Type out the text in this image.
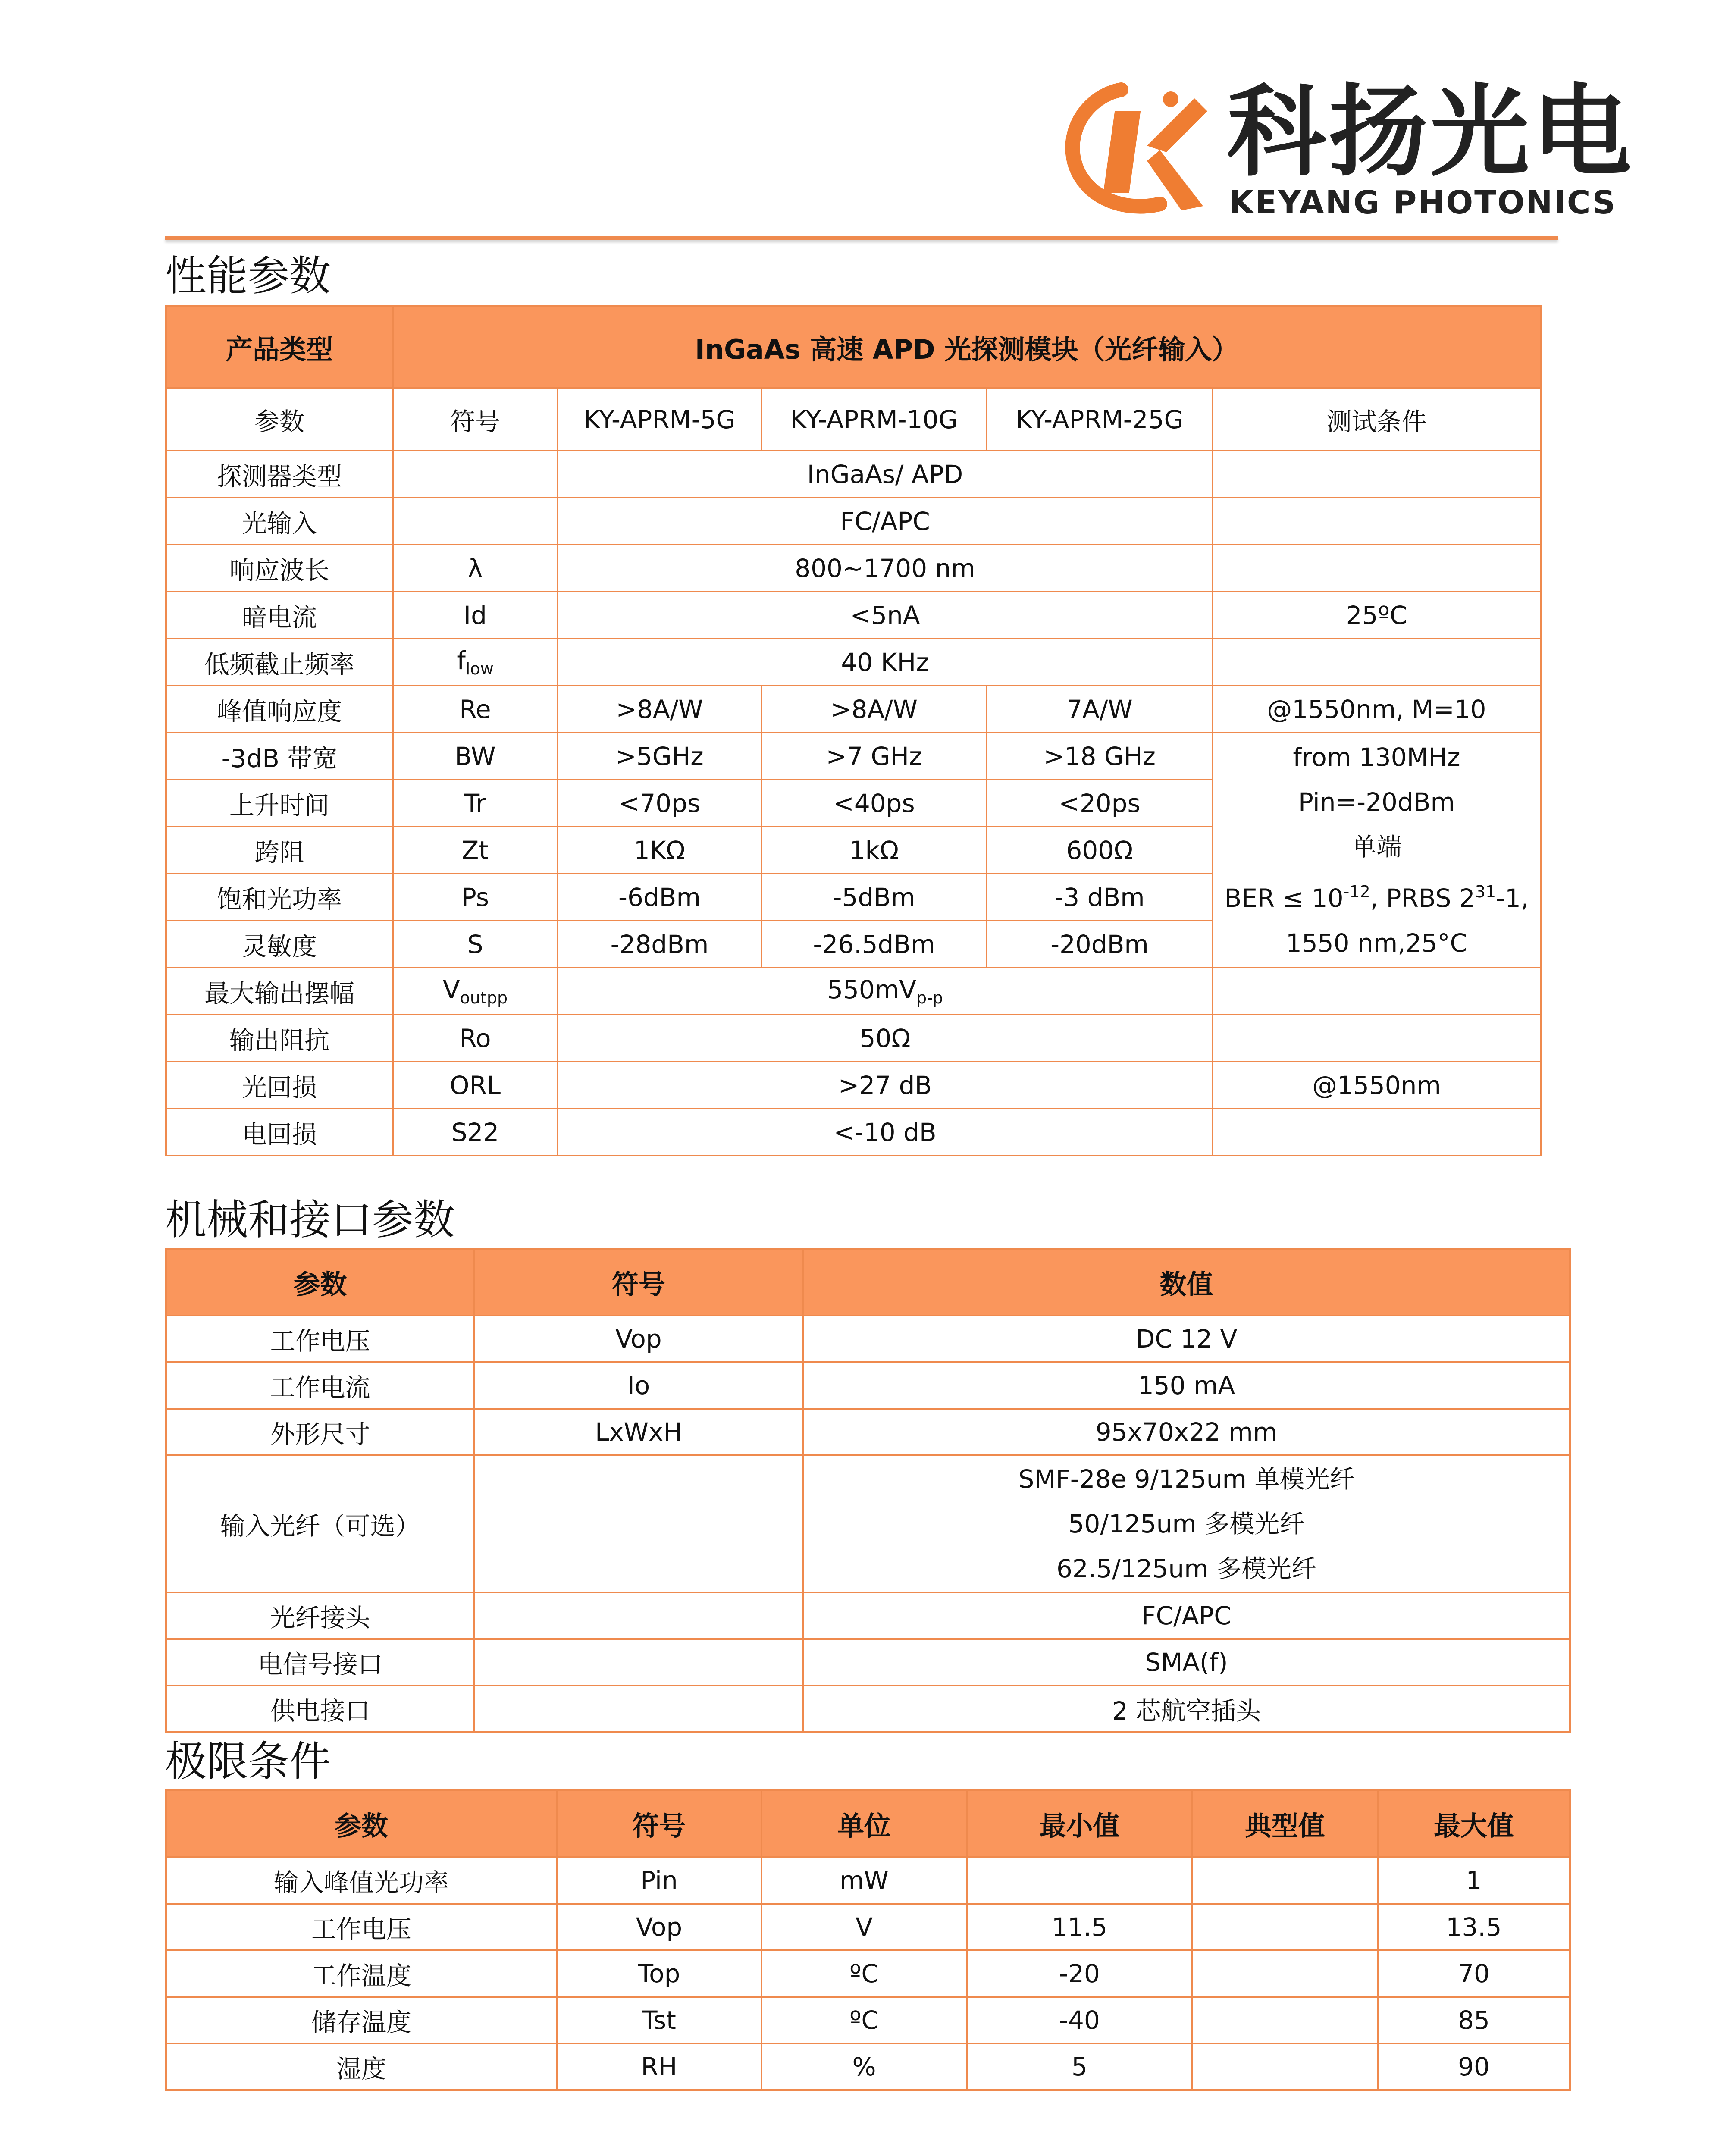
科扬光电
KEYANG PHOTONICS
性能参数
产品类型	InGaAs 高速 APD 光探测模块（光纤输入）				
参数	符号	KY-APRM-5G	KY-APRM-10G	KY-APRM-25G	测试条件
探测器类型		InGaAs/ APD			
光输入		FC/APC			
响应波长	λ	800~1700 nm			
暗电流	Id	<5nA			25ºC
低频截止频率	$f_{low}$	40 KHz			
峰值响应度	Re	>8A/W	>8A/W	7A/W	@1550nm, M=10
-3dB 带宽	BW	>5GHz	>7 GHz	>18 GHz	from 130MHz
Pin=-20dBm
单端
BER ≤ $10^{-12}$, PRBS $2^{31}-1$,
1550 nm,25°C

上升时间	Tr	<70ps	<40ps	<20ps	
跨阻	Zt	1KΩ	1kΩ	600Ω	
饱和光功率	Ps	-6dBm	-5dBm	-3 dBm	
灵敏度	S	-28dBm	-26.5dBm	-20dBm	
最大输出摆幅	$V_{outpp}$	$550mV_{p-p}$	
输出阻抗	Ro	50Ω			
光回损	ORL	>27 dB			@1550nm
电回损	S22	<-10 dB			
机械和接口参数
参数	符号	数值
工作电压	Vop	DC 12 V
工作电流	Io	150 mA
外形尺寸	LxWxH	95x70x22 mm
输入光纤（可选）		SMF-28e 9/125um 单模光纤
50/125um 多模光纤
62.5/125um 多模光纤

光纤接头		FC/APC
电信号接口		SMA(f)
供电接口		2 芯航空插头
极限条件
参数	符号	单位	最小值	典型值	最大值
输入峰值光功率	Pin	mW			1
工作电压	Vop	V	11.5		13.5
工作温度	Top	ºC	-20		70
储存温度	Tst	ºC	-40		85
湿度	RH	%	5		90
